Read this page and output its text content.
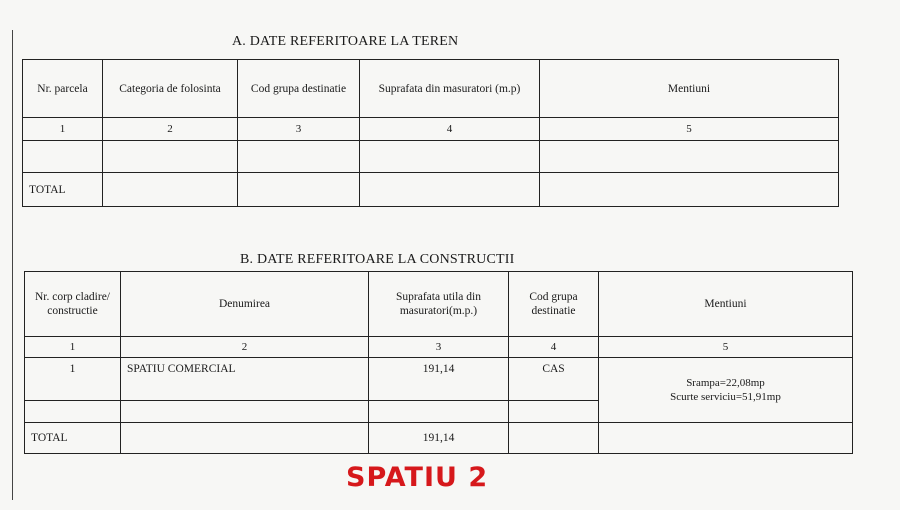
A. DATE REFERITOARE LA TEREN
Nr. parcela	Categoria de folosinta	Cod grupa destinatie	Suprafata din masuratori (m.p)	Mentiuni
1	2	3	4	5

TOTAL				
B. DATE REFERITOARE LA CONSTRUCTII
Nr. corp cladire/ constructie	Denumirea	Suprafata utila din masuratori(m.p.)	Cod grupa destinatie	Mentiuni
1	2	3	4	5
1	SPATIU COMERCIAL	191,14	CAS	Srampa=22,08mp
Scurte serviciu=51,91mp

TOTAL		191,14		
SPATIU 2
